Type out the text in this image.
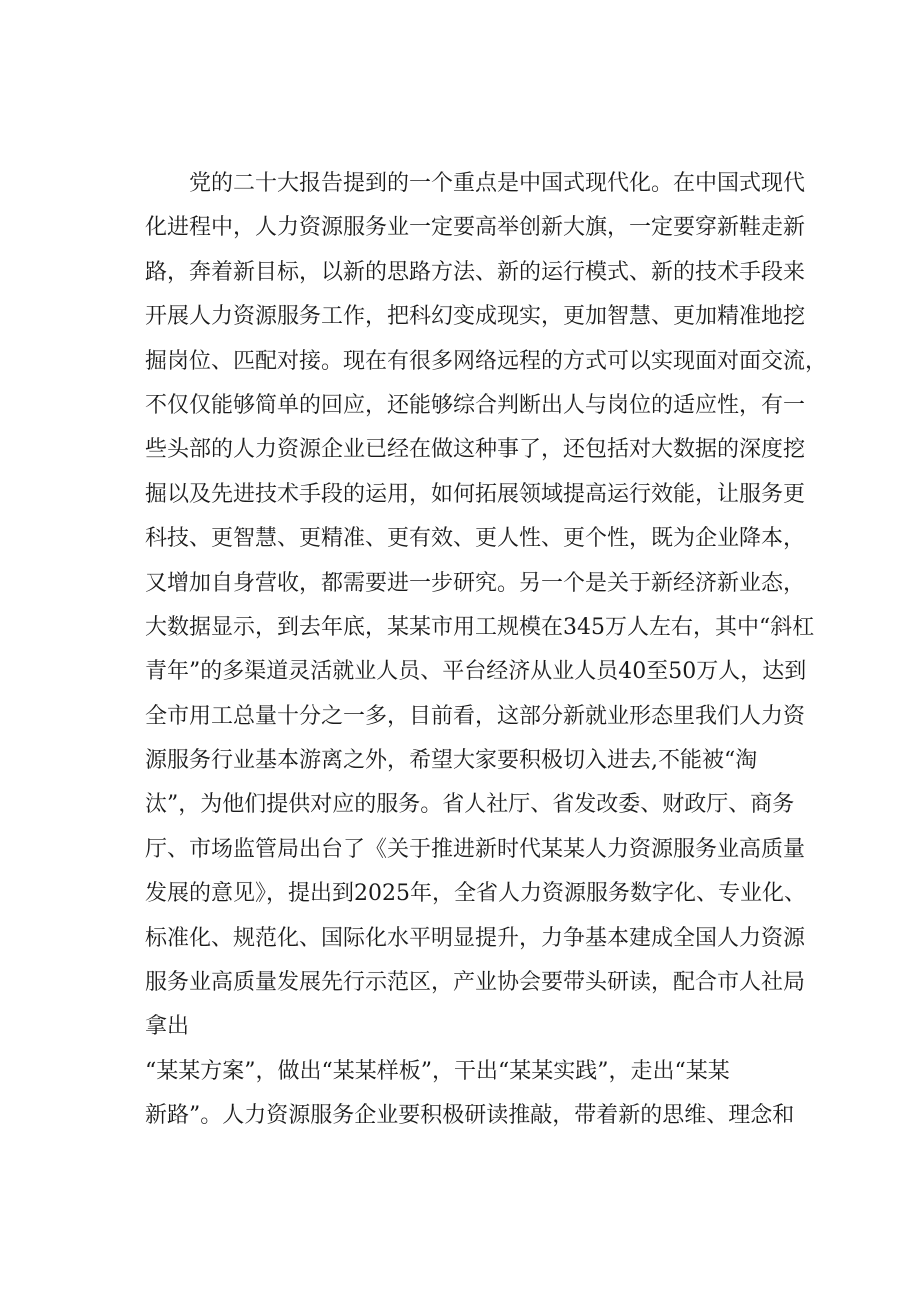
党的二十大报告提到的一个重点是中国式现代化。在中国式现代
化进程中，人力资源服务业一定要高举创新大旗，一定要穿新鞋走新
路，奔着新目标，以新的思路方法、新的运行模式、新的技术手段来
开展人力资源服务工作，把科幻变成现实，更加智慧、更加精准地挖
掘岗位、匹配对接。现在有很多网络远程的方式可以实现面对面交流，
不仅仅能够简单的回应，还能够综合判断出人与岗位的适应性，有一
些头部的人力资源企业已经在做这种事了，还包括对大数据的深度挖
掘以及先进技术手段的运用，如何拓展领域提高运行效能，让服务更
科技、更智慧、更精准、更有效、更人性、更个性，既为企业降本，
又增加自身营收，都需要进一步研究。另一个是关于新经济新业态，
大数据显示，到去年底，某某市用工规模在345万人左右，其中“斜杠
青年”的多渠道灵活就业人员、平台经济从业人员40至50万人，达到
全市用工总量十分之一多，目前看，这部分新就业形态里我们人力资
源服务行业基本游离之外，希望大家要积极切入进去,不能被“淘
汰”，为他们提供对应的服务。省人社厅、省发改委、财政厅、商务
厅、市场监管局出台了《关于推进新时代某某人力资源服务业高质量
发展的意见》，提出到2025年，全省人力资源服务数字化、专业化、
标准化、规范化、国际化水平明显提升，力争基本建成全国人力资源
服务业高质量发展先行示范区，产业协会要带头研读，配合市人社局
拿出
“某某方案”，做出“某某样板”，干出“某某实践”，走出“某某
新路”。人力资源服务企业要积极研读推敲，带着新的思维、理念和
